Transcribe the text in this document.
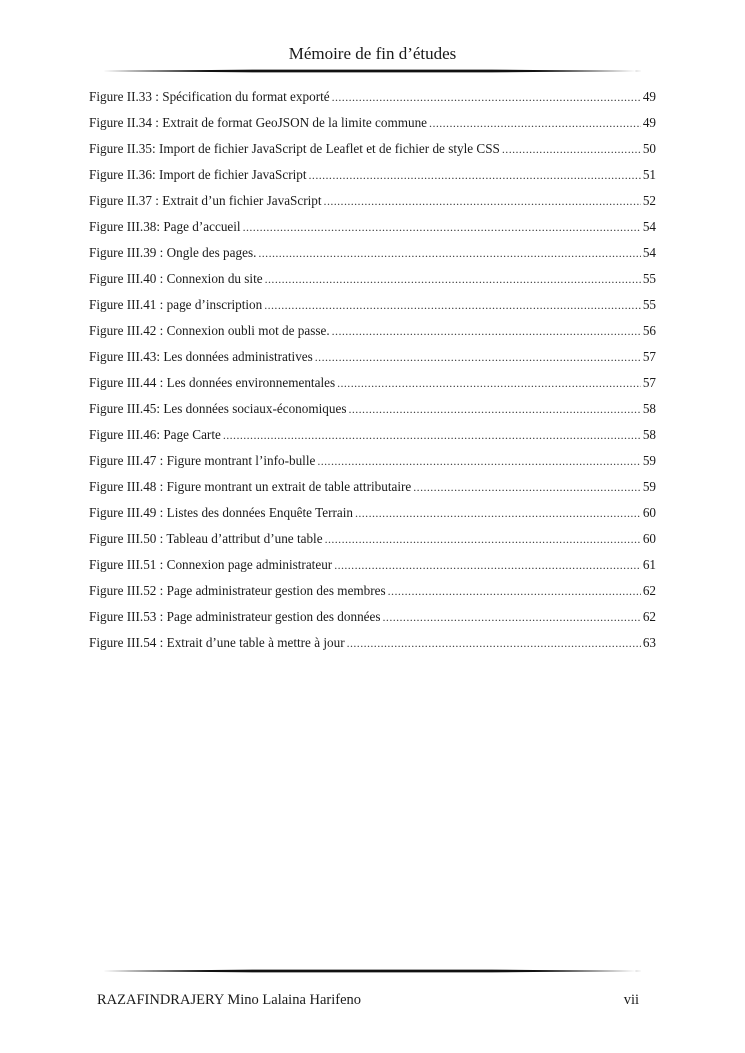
Mémoire de fin d’études
Figure II.33 : Spécification du format exporté .....	49
Figure II.34 : Extrait de format GeoJSON de la limite commune .....	49
Figure II.35: Import de fichier JavaScript de Leaflet et de fichier de style CSS .....	50
Figure II.36: Import de fichier JavaScript .....	51
Figure II.37 : Extrait d’un fichier JavaScript .....	52
Figure III.38: Page d’accueil .....	54
Figure III.39 : Ongle des pages. .....	54
Figure III.40 : Connexion du site .....	55
Figure III.41 : page d’inscription .....	55
Figure III.42 : Connexion oubli mot de passe. .....	56
Figure III.43: Les données administratives .....	57
Figure III.44 : Les données environnementales .....	57
Figure III.45: Les données sociaux-économiques .....	58
Figure III.46: Page Carte .....	58
Figure III.47 : Figure montrant l’info-bulle .....	59
Figure III.48 : Figure montrant un extrait de table attributaire .....	59
Figure III.49 : Listes des données Enquête Terrain .....	60
Figure III.50 : Tableau d’attribut d’une table .....	60
Figure III.51 : Connexion page administrateur .....	61
Figure III.52 : Page administrateur gestion des membres .....	62
Figure III.53 : Page administrateur gestion des données .....	62
Figure III.54 : Extrait d’une table à mettre à jour .....	63
RAZAFINDRAJERY Mino Lalaina Harifeno	vii
